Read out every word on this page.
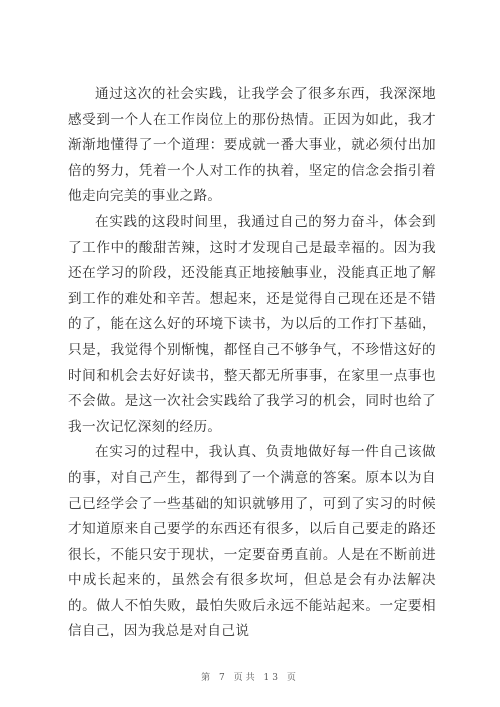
通过这次的社会实践，让我学会了很多东西，我深深地感受到一个人在工作岗位上的那份热情。正因为如此，我才渐渐地懂得了一个道理：要成就一番大事业，就必须付出加倍的努力，凭着一个人对工作的执着，坚定的信念会指引着他走向完美的事业之路。

在实践的这段时间里，我通过自己的努力奋斗，体会到了工作中的酸甜苦辣，这时才发现自己是最幸福的。因为我还在学习的阶段，还没能真正地接触事业，没能真正地了解到工作的难处和辛苦。想起来，还是觉得自己现在还是不错的了，能在这么好的环境下读书，为以后的工作打下基础，只是，我觉得个别惭愧，都怪自己不够争气，不珍惜这好的时间和机会去好好读书，整天都无所事事，在家里一点事也不会做。是这一次社会实践给了我学习的机会，同时也给了我一次记忆深刻的经历。

在实习的过程中，我认真、负责地做好每一件自己该做的事，对自己产生，都得到了一个满意的答案。原本以为自己已经学会了一些基础的知识就够用了，可到了实习的时候才知道原来自己要学的东西还有很多，以后自己要走的路还很长，不能只安于现状，一定要奋勇直前。人是在不断前进中成长起来的，虽然会有很多坎坷，但总是会有办法解决的。做人不怕失败，最怕失败后永远不能站起来。一定要相信自己，因为我总是对自己说

第 7 页共 13 页
